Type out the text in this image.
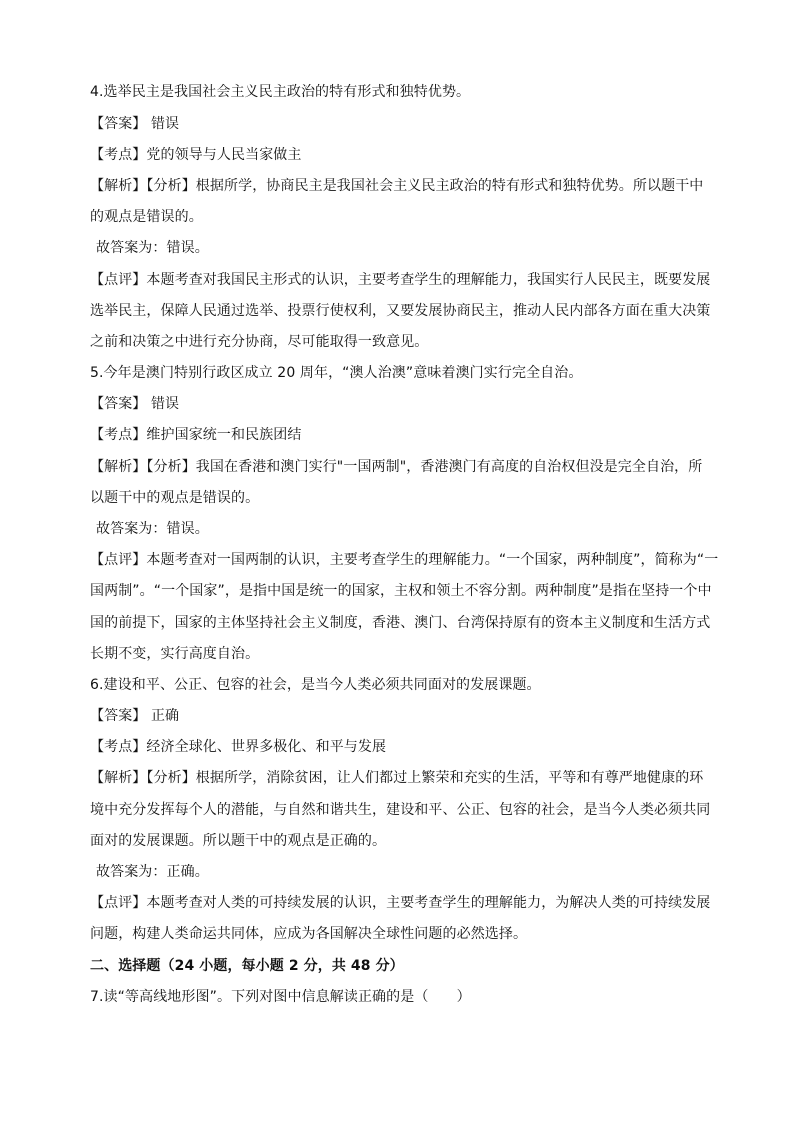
4.选举民主是我国社会主义民主政治的特有形式和独特优势。
【答案】 错误
【考点】党的领导与人民当家做主
【解析】【分析】根据所学，协商民主是我国社会主义民主政治的特有形式和独特优势。所以题干中
的观点是错误的。
故答案为：错误。
【点评】本题考查对我国民主形式的认识，主要考查学生的理解能力，我国实行人民民主，既要发展
选举民主，保障人民通过选举、投票行使权利，又要发展协商民主，推动人民内部各方面在重大决策
之前和决策之中进行充分协商，尽可能取得一致意见。
5.今年是澳门特别行政区成立 20 周年，“澳人治澳”意味着澳门实行完全自治。
【答案】 错误
【考点】维护国家统一和民族团结
【解析】【分析】我国在香港和澳门实行"一国两制"，香港澳门有高度的自治权但没是完全自治，所
以题干中的观点是错误的。
故答案为：错误。
【点评】本题考查对一国两制的认识，主要考查学生的理解能力。“一个国家，两种制度”，简称为“一
国两制”。“一个国家”，是指中国是统一的国家，主权和领土不容分割。两种制度”是指在坚持一个中
国的前提下，国家的主体坚持社会主义制度，香港、澳门、台湾保持原有的资本主义制度和生活方式
长期不变，实行高度自治。
6.建设和平、公正、包容的社会，是当今人类必须共同面对的发展课题。
【答案】 正确
【考点】经济全球化、世界多极化、和平与发展
【解析】【分析】根据所学，消除贫困，让人们都过上繁荣和充实的生活，平等和有尊严地健康的环
境中充分发挥每个人的潜能，与自然和谐共生，建设和平、公正、包容的社会，是当今人类必须共同
面对的发展课题。所以题干中的观点是正确的。
故答案为：正确。
【点评】本题考查对人类的可持续发展的认识，主要考查学生的理解能力，为解决人类的可持续发展
问题，构建人类命运共同体，应成为各国解决全球性问题的必然选择。
二、选择题（24 小题，每小题 2 分，共 48 分）
7.读“等高线地形图”。下列对图中信息解读正确的是（　　）
